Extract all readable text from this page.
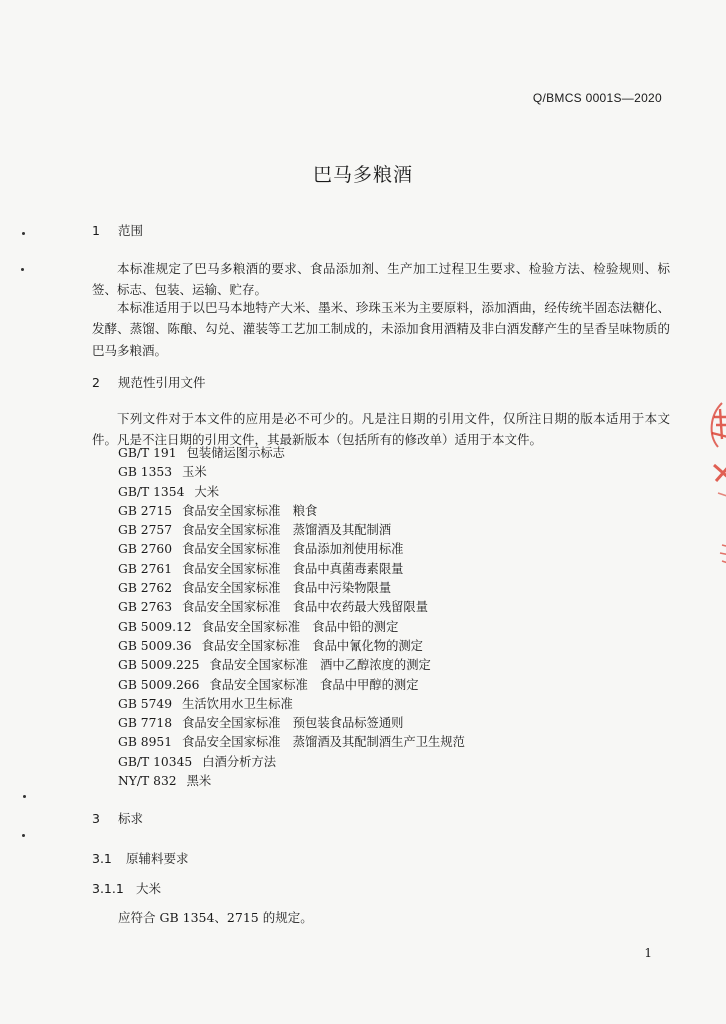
Q/BMCS 0001S—2020
巴马多粮酒
1 范围

本标准规定了巴马多粮酒的要求、食品添加剂、生产加工过程卫生要求、检验方法、检验规则、标签、标志、包装、运输、贮存。

本标准适用于以巴马本地特产大米、墨米、珍珠玉米为主要原料，添加酒曲，经传统半固态法糖化、发酵、蒸馏、陈酿、勾兑、灌装等工艺加工制成的，未添加食用酒精及非白酒发酵产生的呈香呈味物质的巴马多粮酒。

2 规范性引用文件

下列文件对于本文件的应用是必不可少的。凡是注日期的引用文件，仅所注日期的版本适用于本文件。凡是不注日期的引用文件，其最新版本（包括所有的修改单）适用于本文件。

GB/T 191 包装储运图示标志
GB 1353 玉米
GB/T 1354 大米
GB 2715 食品安全国家标准　粮食
GB 2757 食品安全国家标准　蒸馏酒及其配制酒
GB 2760 食品安全国家标准　食品添加剂使用标准
GB 2761 食品安全国家标准　食品中真菌毒素限量
GB 2762 食品安全国家标准　食品中污染物限量
GB 2763 食品安全国家标准　食品中农药最大残留限量
GB 5009.12 食品安全国家标准　食品中铅的测定
GB 5009.36 食品安全国家标准　食品中氰化物的测定
GB 5009.225 食品安全国家标准　酒中乙醇浓度的测定
GB 5009.266 食品安全国家标准　食品中甲醇的测定
GB 5749 生活饮用水卫生标准
GB 7718 食品安全国家标准　预包装食品标签通则
GB 8951 食品安全国家标准　蒸馏酒及其配制酒生产卫生规范
GB/T 10345 白酒分析方法
NY/T 832 黑米
3 标求
3.1 原辅料要求
3.1.1 大米
应符合 GB 1354、2715 的规定。
1
